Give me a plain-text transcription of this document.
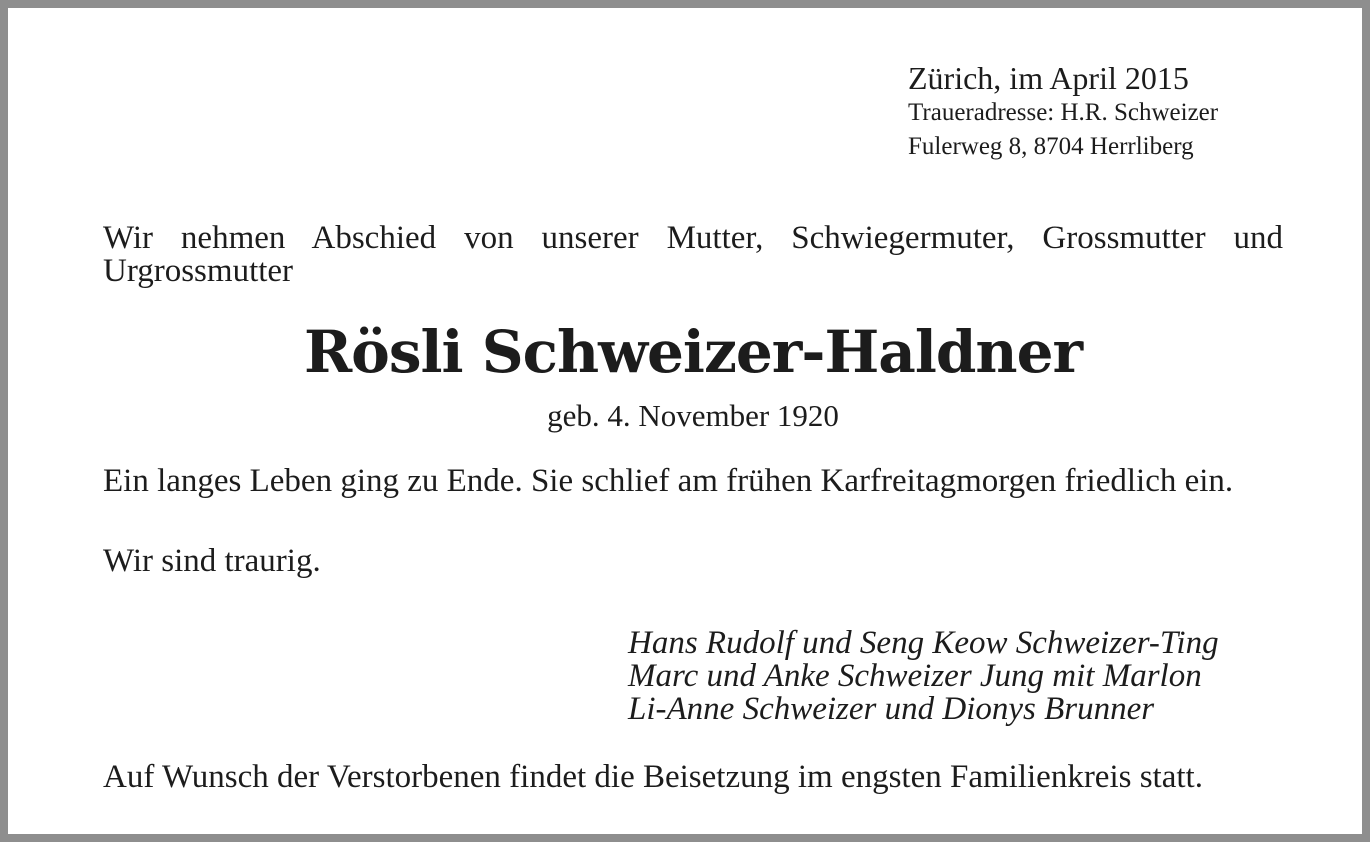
Zürich, im April 2015
Traueradresse: H.R. Schweizer
Fulerweg 8, 8704 Herrliberg
Wir nehmen Abschied von unserer Mutter, Schwiegermuter, Grossmutter und Urgrossmutter
Rösli Schweizer-Haldner
geb. 4. November 1920
Ein langes Leben ging zu Ende. Sie schlief am frühen Karfreitagmorgen friedlich ein.
Wir sind traurig.
Hans Rudolf und Seng Keow Schweizer-Ting
Marc und Anke Schweizer Jung mit Marlon
Li-Anne Schweizer und Dionys Brunner
Auf Wunsch der Verstorbenen findet die Beisetzung im engsten Familienkreis statt.
